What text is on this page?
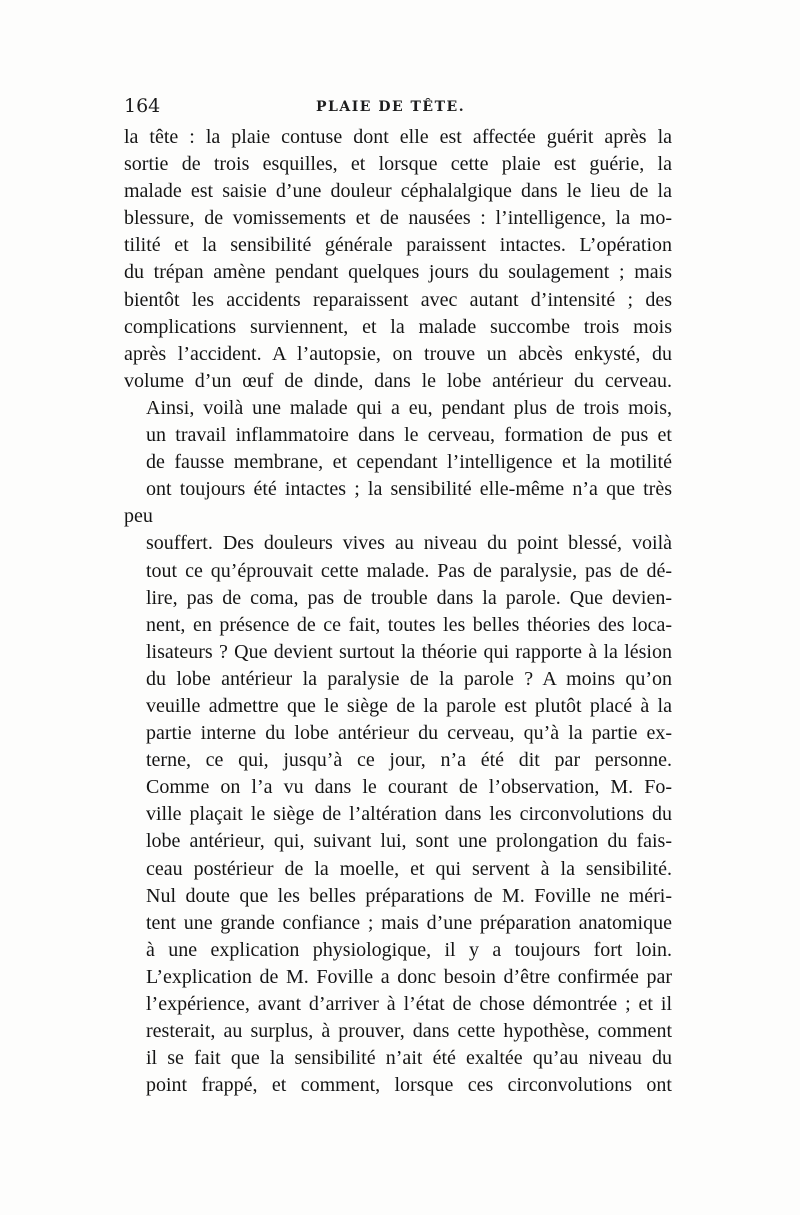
164	PLAIE DE TÊTE.

la tête : la plaie contuse dont elle est affectée guérit après la
sortie de trois esquilles, et lorsque cette plaie est guérie, la
malade est saisie d’une douleur céphalalgique dans le lieu de la
blessure, de vomissements et de nausées : l’intelligence, la mo-
tilité et la sensibilité générale paraissent intactes. L’opération
du trépan amène pendant quelques jours du soulagement ; mais
bientôt les accidents reparaissent avec autant d’intensité ; des
complications surviennent, et la malade succombe trois mois
après l’accident. A l’autopsie, on trouve un abcès enkysté, du
volume d’un œuf de dinde, dans le lobe antérieur du cerveau.

Ainsi, voilà une malade qui a eu, pendant plus de trois mois,
un travail inflammatoire dans le cerveau, formation de pus et
de fausse membrane, et cependant l’intelligence et la motilité
ont toujours été intactes ; la sensibilité elle-même n’a que très peu
souffert. Des douleurs vives au niveau du point blessé, voilà
tout ce qu’éprouvait cette malade. Pas de paralysie, pas de dé-
lire, pas de coma, pas de trouble dans la parole. Que devien-
nent, en présence de ce fait, toutes les belles théories des loca-
lisateurs ? Que devient surtout la théorie qui rapporte à la lésion
du lobe antérieur la paralysie de la parole ? A moins qu’on
veuille admettre que le siège de la parole est plutôt placé à la
partie interne du lobe antérieur du cerveau, qu’à la partie ex-
terne, ce qui, jusqu’à ce jour, n’a été dit par personne.

Comme on l’a vu dans le courant de l’observation, M. Fo-
ville plaçait le siège de l’altération dans les circonvolutions du
lobe antérieur, qui, suivant lui, sont une prolongation du fais-
ceau postérieur de la moelle, et qui servent à la sensibilité.

Nul doute que les belles préparations de M. Foville ne méri-
tent une grande confiance ; mais d’une préparation anatomique
à une explication physiologique, il y a toujours fort loin.
L’explication de M. Foville a donc besoin d’être confirmée par
l’expérience, avant d’arriver à l’état de chose démontrée ; et il
resterait, au surplus, à prouver, dans cette hypothèse, comment
il se fait que la sensibilité n’ait été exaltée qu’au niveau du
point frappé, et comment, lorsque ces circonvolutions ont
